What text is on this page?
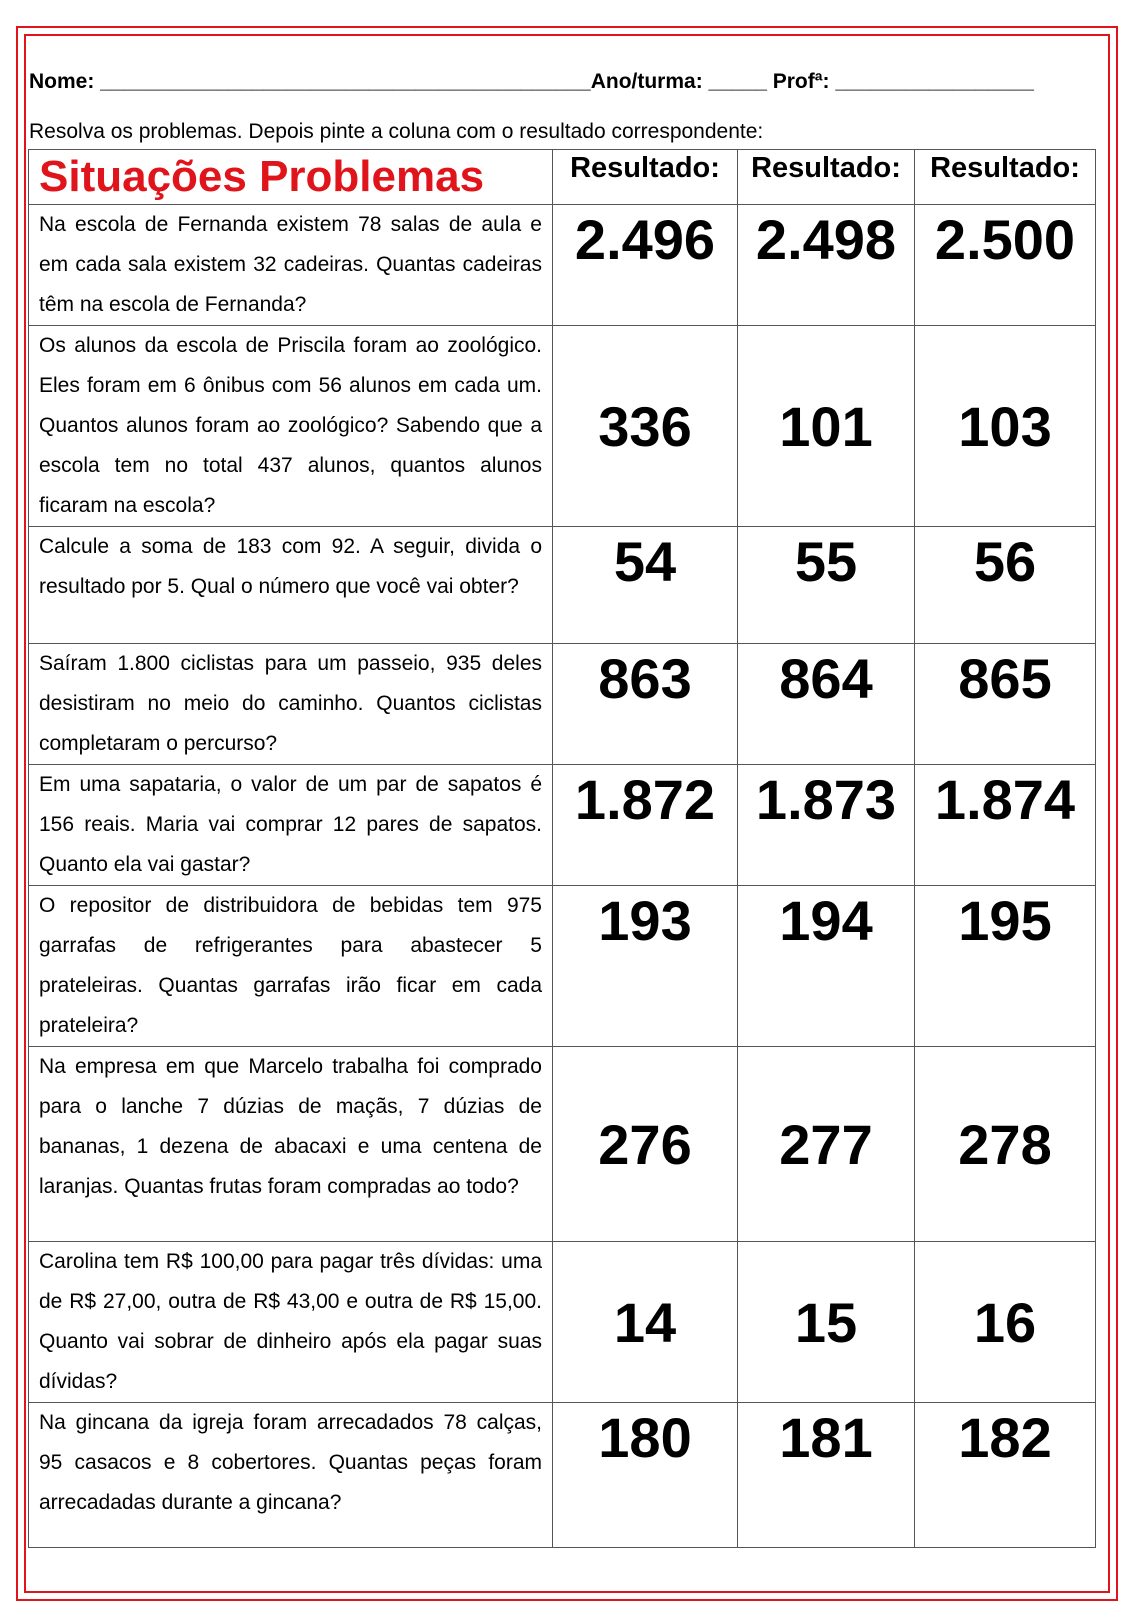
Nome: __________________________________________Ano/turma: _____ Profª: _________________
Resolva os problemas. Depois pinte a coluna com o resultado correspondente:
Situações Problemas	Resultado:	Resultado:	Resultado:
Na escola de Fernanda existem 78 salas de aula e em cada sala existem 32 cadeiras. Quantas cadeiras têm na escola de Fernanda?	2.496	2.498	2.500
Os alunos da escola de Priscila foram ao zoológico. Eles foram em 6 ônibus com 56 alunos em cada um. Quantos alunos foram ao zoológico? Sabendo que a escola tem no total 437 alunos, quantos alunos ficaram na escola?	336	101	103
Calcule a soma de 183 com 92. A seguir, divida o resultado por 5. Qual o número que você vai obter?	54	55	56
Saíram 1.800 ciclistas para um passeio, 935 deles desistiram no meio do caminho. Quantos ciclistas completaram o percurso?	863	864	865
Em uma sapataria, o valor de um par de sapatos é 156 reais. Maria vai comprar 12 pares de sapatos. Quanto ela vai gastar?	1.872	1.873	1.874
O repositor de distribuidora de bebidas tem 975 garrafas de refrigerantes para abastecer 5 prateleiras. Quantas garrafas irão ficar em cada prateleira?	193	194	195
Na empresa em que Marcelo trabalha foi comprado para o lanche 7 dúzias de maçãs, 7 dúzias de bananas, 1 dezena de abacaxi e uma centena de laranjas. Quantas frutas foram compradas ao todo?	276	277	278
Carolina tem R$ 100,00 para pagar três dívidas: uma de R$ 27,00, outra de R$ 43,00 e outra de R$ 15,00. Quanto vai sobrar de dinheiro após ela pagar suas dívidas?	14	15	16
Na gincana da igreja foram arrecadados 78 calças, 95 casacos e 8 cobertores. Quantas peças foram arrecadadas durante a gincana?	180	181	182
